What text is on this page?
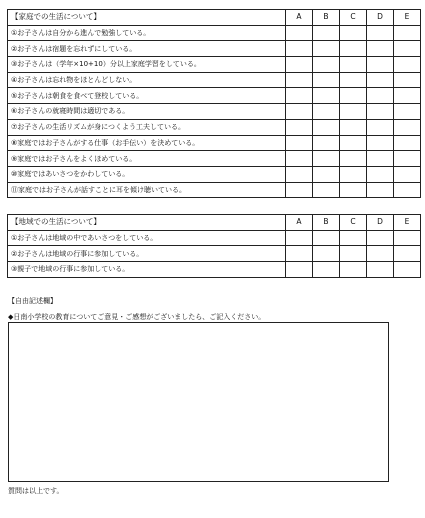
【家庭での生活について】	A	B	C	D	E
①お子さんは自分から進んで勉強している。					
②お子さんは宿題を忘れずにしている。					
③お子さんは（学年×10+10）分以上家庭学習をしている。					
④お子さんは忘れ物をほとんどしない。					
⑤お子さんは朝食を食べて登校している。					
⑥お子さんの就寝時間は適切である。					
⑦お子さんの生活リズムが身につくよう工夫している。					
⑧家庭ではお子さんがする仕事（お手伝い）を決めている。					
⑨家庭ではお子さんをよくほめている。					
⑩家庭ではあいさつをかわしている。					
⑪家庭ではお子さんが話すことに耳を傾け聴いている。					
【地域での生活について】	A	B	C	D	E
①お子さんは地域の中であいさつをしている。					
②お子さんは地域の行事に参加している。					
③親子で地域の行事に参加している。					
【自由記述欄】
◆日南小学校の教育についてご意見・ご感想がございましたら、ご記入ください。
質問は以上です。
